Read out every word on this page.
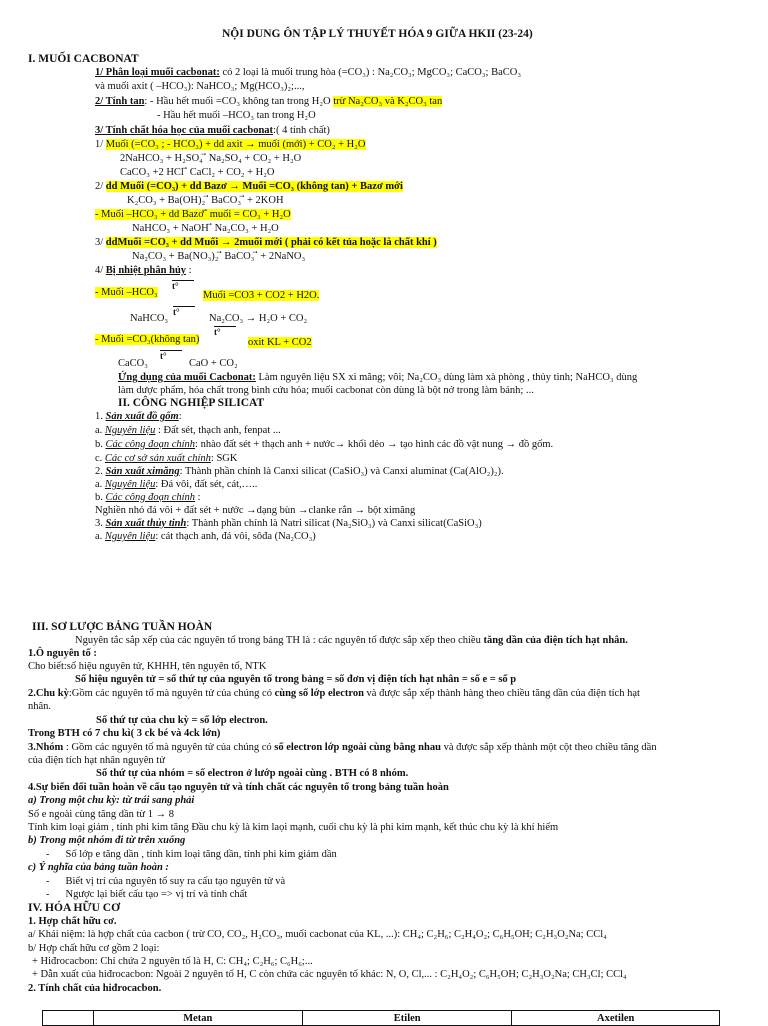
NỘI DUNG ÔN TẬP LÝ THUYẾT HÓA 9 GIỮA HKII (23-24)
I. MUỐI CACBONAT
1/ Phân loại muối cacbonat: có 2 loại là muối trung hòa (=CO₃) : Na₂CO₃; MgCO₃; CaCO₃; BaCO₃
và muối axit ( –HCO₃): NaHCO₃; Mg(HCO₃)₂;...,
2/ Tính tan: - Hầu hết muối =CO₃ không tan trong H₂O trừ Na₂CO₃ và K₂CO₃ tan
- Hầu hết muối –HCO₃ tan trong H₂O
3/ Tính chất hóa học của muối cacbonat:( 4 tính chất)
1/ Muối (=CO₃ ; - HCO₃) + dd axit → muối (mới) + CO₂ + H₂O
2NaHCO₃ + H₂SO₄ ⃗ Na₂SO₄ + CO₂ + H₂O
CaCO₃ +2 HCl ⃗ CaCl₂ + CO₂ + H₂O
2/ dd Muối (=CO₃) + dd Bazơ → Muối =CO₃ (không tan) + Bazơ mới
K₂CO₃ + Ba(OH)₂ ⃗ BaCO₃ ⃗ + 2KOH
- Muối –HCO₃ + dd Bazơ ⃗ muối = CO₃ + H₂O
NaHCO₃ + NaOH ⃗ Na₂CO₃ + H₂O
3/ ddMuối =CO₃ + dd Muối → 2muối mới ( phải có kết tủa hoặc là chất khí )
Na₂CO₃ + Ba(NO₃)₂ ⃗ BaCO₃ ⃗ + 2NaNO₃
4/ Bị nhiệt phân hủy :
- Muối –HCO₃
t°
Muối =CO3 + CO2 + H2O.
NaHCO₃
t°
Na₂CO₃ → H₂O + CO₂
- Muối =CO₃(không tan)
t°
oxit KL + CO2
CaCO₃
t°
CaO + CO₂
Ứng dụng của muối Cacbonat: Làm nguyên liệu SX xi măng; vôi; Na₂CO₃ dùng làm xà phòng , thủy tinh; NaHCO₃ dùng
làm dược phẩm, hóa chất trong bình cứu hỏa; muối cacbonat còn dùng là bột nở trong làm bánh; ...
II. CÔNG NGHIỆP SILICAT
1. Sản xuất đồ gốm:
a. Nguyên liệu : Đất sét, thạch anh, fenpat ...
b. Các công đoạn chính: nhào đất sét + thạch anh + nước→ khối dẻo → tạo hình các đồ vật nung → đồ gốm.
c. Các cơ sở sản xuất chính: SGK
2. Sản xuất ximăng: Thành phần chính là Canxi silicat (CaSiO₃) và Canxi aluminat (Ca(AlO₂)₂).
a. Nguyên liệu: Đá vôi, đất sét, cát,…..
b. Các công đoạn chính :
Nghiền nhỏ đá vôi + đất sét + nước →dạng bùn →clanke rắn → bột ximăng
3. Sản xuất thủy tinh: Thành phần chính là Natri silicat (Na₂SiO₃) và Canxi silicat(CaSiO₃)
a. Nguyên liệu: cát thạch anh, đá vôi, sôđa (Na₂CO₃)
III. SƠ LƯỢC BẢNG TUẦN HOÀN
Nguyên tắc sắp xếp của các nguyên tố trong bảng TH là : các nguyên tố được sắp xếp theo chiều tăng dần của điện tích hạt nhân.
1.Ô nguyên tố :
Cho biết:số hiệu nguyên tử, KHHH, tên nguyên tố, NTK
Số hiệu nguyên tử = số thứ tự của nguyên tố trong bảng = số đơn vị điện tích hạt nhân = số e = số p
2.Chu kỳ:Gồm các nguyên tố mà nguyên tử của chúng có cùng số lớp electron và được sắp xếp thành hàng theo chiều tăng dần của điện tích hạt
nhân.
Số thứ tự của chu kỳ = số lớp electron.
Trong BTH có 7 chu kì( 3 ck bé và 4ck lớn)
3.Nhóm : Gồm các nguyên tố mà nguyên tử của chúng có số electron lớp ngoài cùng bằng nhau và được sắp xếp thành một cột theo chiều tăng dần
của điện tích hạt nhân nguyên tử
Số thứ tự của nhóm = số electron ở lướp ngoài cùng . BTH có 8 nhóm.
4.Sự biến đổi tuần hoàn về cấu tạo nguyên tử và tính chất các nguyên tố trong bảng tuần hoàn
a) Trong một chu kỳ: từ trái sang phải
Số e ngoài cùng tăng dần từ 1 → 8
Tính kim loại giảm , tính phi kim tăng Đầu chu kỳ là kim laọi mạnh, cuối chu kỳ là phi kim mạnh, kết thúc chu kỳ là khí hiếm
b) Trong một nhóm đi từ trên xuống
- Số lớp e tăng dần , tính kim loại tăng dần, tính phi kim giảm dần
c) Ý nghĩa của bảng tuần hoàn :
- Biết vị trí của nguyên tố suy ra cấu tạo nguyên tử và
- Ngược lại biết cấu tạo => vị trí và tính chất
IV. HÓA HỮU CƠ
1. Hợp chất hữu cơ.
a/ Khái niệm: là hợp chất của cacbon ( trừ CO, CO₂, H₂CO₃, muối cacbonat của KL, ...): CH₄; C₂H₆; C₂H₄O₂; C₆H₅OH; C₂H₃O₂Na; CCl₄
b/ Hợp chất hữu cơ gồm 2 loại:
+ Hiđrocacbon: Chỉ chứa 2 nguyên tố là H, C: CH₄; C₂H₆; C₆H₆;...
+ Dẫn xuất của hiđrocacbon: Ngoài 2 nguyên tố H, C còn chứa các nguyên tố khác: N, O, Cl,... : C₂H₄O₂; C₆H₅OH; C₂H₃O₂Na; CH₃Cl; CCl₄
2. Tính chất của hiđrocacbon.
	Metan	Etilen	Axetilen
